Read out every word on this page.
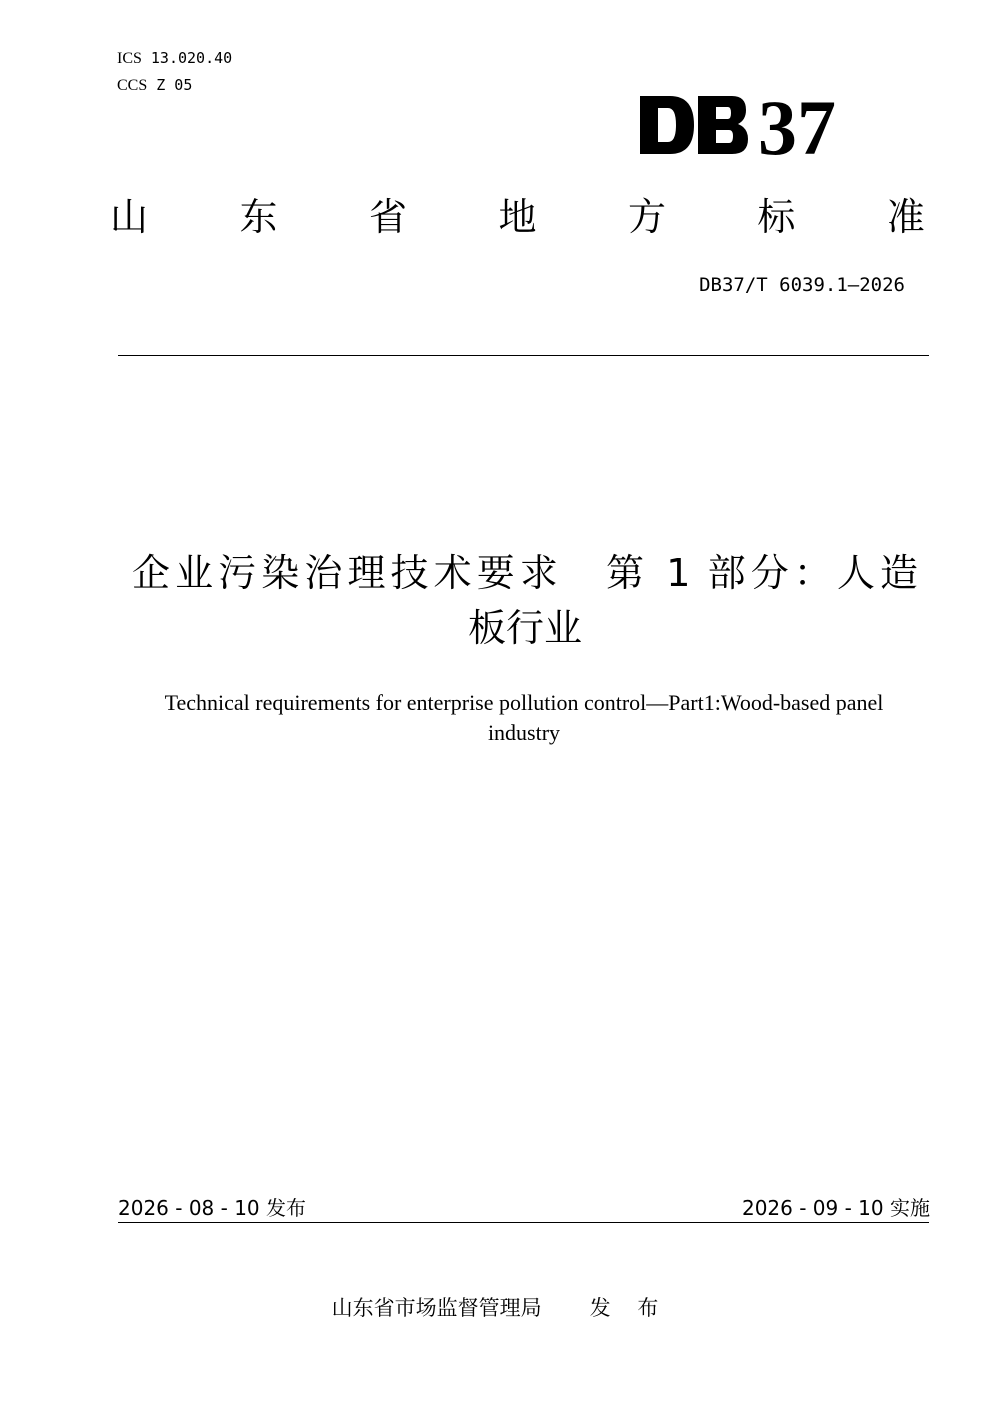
ICS 13.020.40
CCS Z 05	37
山 东 省 地 方 标 准
DB37/T 6039.1—2026
企业污染治理技术要求　第 1 部分：人造
板行业
Technical requirements for enterprise pollution control—Part1:Wood-based panel
industry
2026 - 08 - 10 发布	2026 - 09 - 10 实施
山东省市场监督管理局 发 布
